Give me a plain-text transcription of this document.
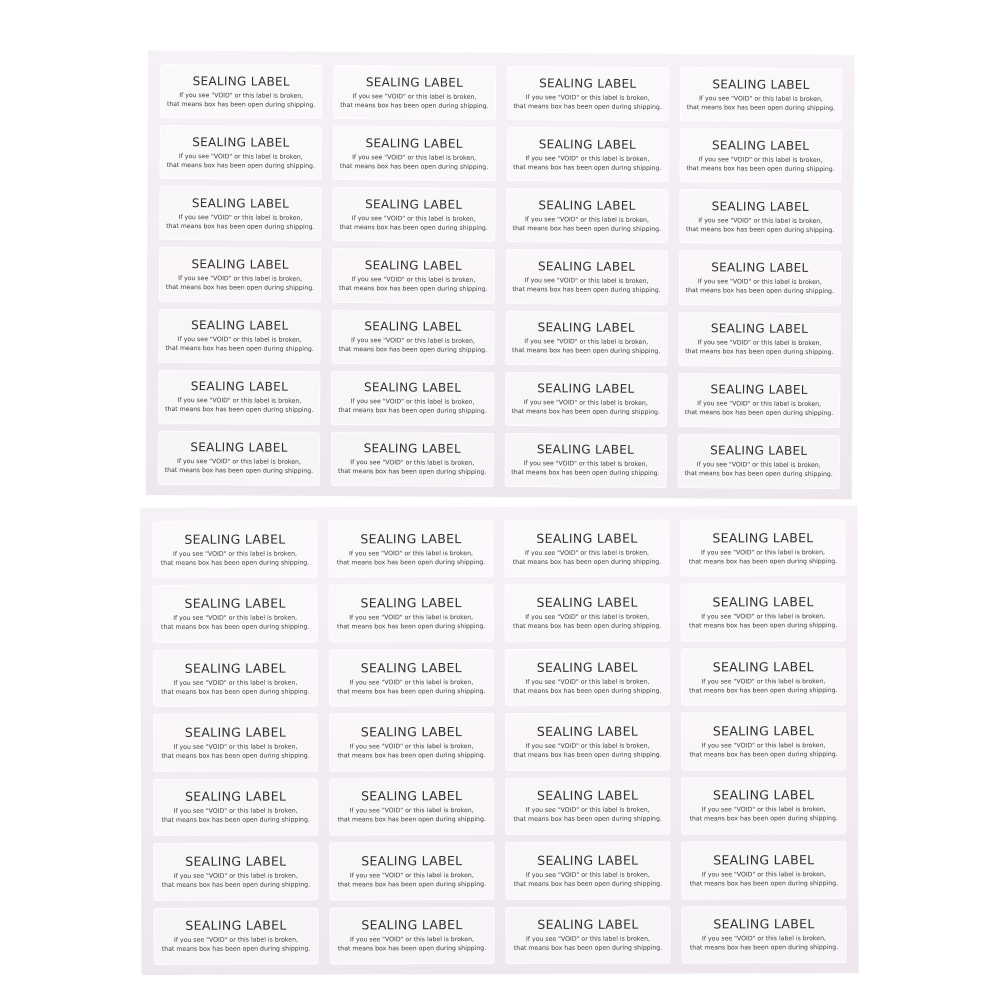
SEALING LABEL
If you see "VOID" or this label is broken,
that means box has been open during shipping.
SEALING LABEL
If you see "VOID" or this label is broken,
that means box has been open during shipping.
SEALING LABEL
If you see "VOID" or this label is broken,
that means box has been open during shipping.
SEALING LABEL
If you see "VOID" or this label is broken,
that means box has been open during shipping.
SEALING LABEL
If you see "VOID" or this label is broken,
that means box has been open during shipping.
SEALING LABEL
If you see "VOID" or this label is broken,
that means box has been open during shipping.
SEALING LABEL
If you see "VOID" or this label is broken,
that means box has been open during shipping.
SEALING LABEL
If you see "VOID" or this label is broken,
that means box has been open during shipping.
SEALING LABEL
If you see "VOID" or this label is broken,
that means box has been open during shipping.
SEALING LABEL
If you see "VOID" or this label is broken,
that means box has been open during shipping.
SEALING LABEL
If you see "VOID" or this label is broken,
that means box has been open during shipping.
SEALING LABEL
If you see "VOID" or this label is broken,
that means box has been open during shipping.
SEALING LABEL
If you see "VOID" or this label is broken,
that means box has been open during shipping.
SEALING LABEL
If you see "VOID" or this label is broken,
that means box has been open during shipping.
SEALING LABEL
If you see "VOID" or this label is broken,
that means box has been open during shipping.
SEALING LABEL
If you see "VOID" or this label is broken,
that means box has been open during shipping.
SEALING LABEL
If you see "VOID" or this label is broken,
that means box has been open during shipping.
SEALING LABEL
If you see "VOID" or this label is broken,
that means box has been open during shipping.
SEALING LABEL
If you see "VOID" or this label is broken,
that means box has been open during shipping.
SEALING LABEL
If you see "VOID" or this label is broken,
that means box has been open during shipping.
SEALING LABEL
If you see "VOID" or this label is broken,
that means box has been open during shipping.
SEALING LABEL
If you see "VOID" or this label is broken,
that means box has been open during shipping.
SEALING LABEL
If you see "VOID" or this label is broken,
that means box has been open during shipping.
SEALING LABEL
If you see "VOID" or this label is broken,
that means box has been open during shipping.
SEALING LABEL
If you see "VOID" or this label is broken,
that means box has been open during shipping.
SEALING LABEL
If you see "VOID" or this label is broken,
that means box has been open during shipping.
SEALING LABEL
If you see "VOID" or this label is broken,
that means box has been open during shipping.
SEALING LABEL
If you see "VOID" or this label is broken,
that means box has been open during shipping.
SEALING LABEL
If you see "VOID" or this label is broken,
that means box has been open during shipping.
SEALING LABEL
If you see "VOID" or this label is broken,
that means box has been open during shipping.
SEALING LABEL
If you see "VOID" or this label is broken,
that means box has been open during shipping.
SEALING LABEL
If you see "VOID" or this label is broken,
that means box has been open during shipping.
SEALING LABEL
If you see "VOID" or this label is broken,
that means box has been open during shipping.
SEALING LABEL
If you see "VOID" or this label is broken,
that means box has been open during shipping.
SEALING LABEL
If you see "VOID" or this label is broken,
that means box has been open during shipping.
SEALING LABEL
If you see "VOID" or this label is broken,
that means box has been open during shipping.
SEALING LABEL
If you see "VOID" or this label is broken,
that means box has been open during shipping.
SEALING LABEL
If you see "VOID" or this label is broken,
that means box has been open during shipping.
SEALING LABEL
If you see "VOID" or this label is broken,
that means box has been open during shipping.
SEALING LABEL
If you see "VOID" or this label is broken,
that means box has been open during shipping.
SEALING LABEL
If you see "VOID" or this label is broken,
that means box has been open during shipping.
SEALING LABEL
If you see "VOID" or this label is broken,
that means box has been open during shipping.
SEALING LABEL
If you see "VOID" or this label is broken,
that means box has been open during shipping.
SEALING LABEL
If you see "VOID" or this label is broken,
that means box has been open during shipping.
SEALING LABEL
If you see "VOID" or this label is broken,
that means box has been open during shipping.
SEALING LABEL
If you see "VOID" or this label is broken,
that means box has been open during shipping.
SEALING LABEL
If you see "VOID" or this label is broken,
that means box has been open during shipping.
SEALING LABEL
If you see "VOID" or this label is broken,
that means box has been open during shipping.
SEALING LABEL
If you see "VOID" or this label is broken,
that means box has been open during shipping.
SEALING LABEL
If you see "VOID" or this label is broken,
that means box has been open during shipping.
SEALING LABEL
If you see "VOID" or this label is broken,
that means box has been open during shipping.
SEALING LABEL
If you see "VOID" or this label is broken,
that means box has been open during shipping.
SEALING LABEL
If you see "VOID" or this label is broken,
that means box has been open during shipping.
SEALING LABEL
If you see "VOID" or this label is broken,
that means box has been open during shipping.
SEALING LABEL
If you see "VOID" or this label is broken,
that means box has been open during shipping.
SEALING LABEL
If you see "VOID" or this label is broken,
that means box has been open during shipping.
